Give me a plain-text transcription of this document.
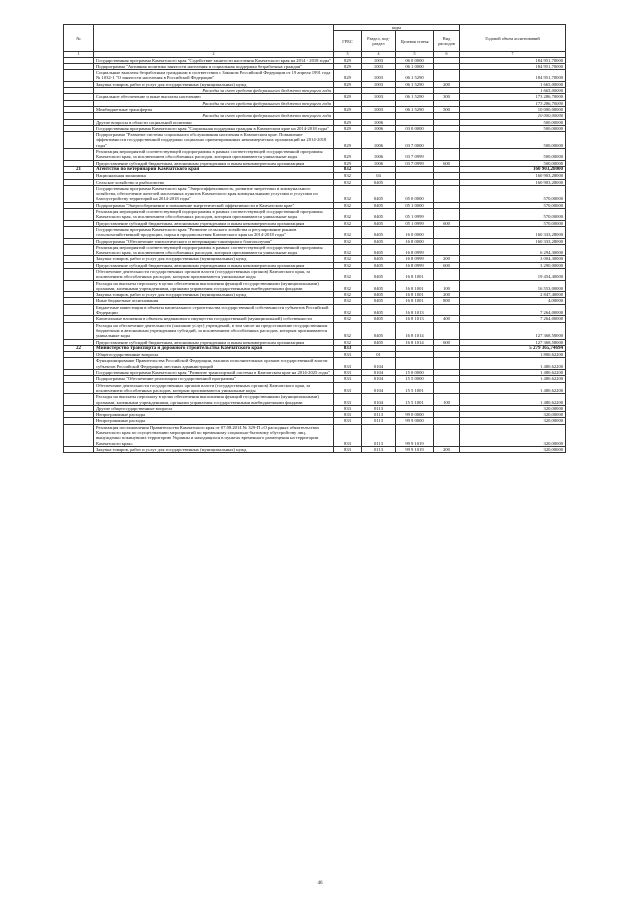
№		коды				Годовой объем ассигнований
		ГРБС	Раздел, под-раздел	Целевая статья	Вид расходов	
1	2	3	4	5	6	7
	Государственная программа Камчатского края "Содействие занятости населения Камчатского края на 2014 - 2018 годы"	829	1003	06 0 0000		184 951,70000
	Подпрограмма "Активная политика занятости населения и социальная поддержка безработных граждан"	829	1003	06 1 0000		184 951,70000
	Социальные выплаты безработным гражданам в соответствии с Законом Российской Федерации от 19 апреля 1991 года № 1032-1 "О занятости населения в Российской Федерации"	829	1003	06 1 5290		184 951,70000
	Закупка товаров, работ и услуг для государственных (муниципальных) нужд	829	1003	06 1 5290	200	1 665,00000
	Расходы за счет средств федерального бюджета текущего года					1 665,00000
	Социальное обеспечение и иные выплаты населению	829	1003	06 1 5290	300	173 286,70000
	Расходы за счет средств федерального бюджета текущего года					173 286,70000
	Межбюджетные трансферты	829	1003	06 1 5290	500	10 000,00000
	Расходы за счет средств федерального бюджета текущего года					10 000,00000
	Другие вопросы в области социальной политики	829	1006			500,00000
	Государственная программа Камчатского края "Социальная поддержка граждан в Камчатском крае на 2014-2018 годы"	829	1006	03 0 0000		500,00000
	Подпрограмма "Развитие системы социального обслуживания населения в Камчатском крае. Повышение эффективности государственной поддержки социально ориентированных некоммерческих организаций на 2014-2018 годы"	829	1006	03 7 0000		500,00000
	Реализация мероприятий соответствующей подпрограммы в рамках соответствующей государственной программы Камчатского края, за исключением обособленных расходов, которым присваиваются уникальные коды	829	1006	03 7 0999		500,00000
	Предоставление субсидий бюджетным, автономным учреждениям и иным некоммерческим организациям	829	1006	03 7 0999	600	500,00000
21	Агентство по ветеринарии Камчатского края	832				160 903,28000
	Национальная экономика	832	04			160 903,28000
	Сельское хозяйство и рыболовство	832	0405			160 903,28000
	Государственная программа Камчатского края "Энергоэффективность, развитие энергетики и коммунального хозяйства, обеспечение жителей населенных пунктов Камчатского края коммунальными услугами и услугами по благоустройству территорий на 2014-2018 годы"	832	0405	05 0 0000		570,00000
	Подпрограмма "Энергосбережение и повышение энергетической эффективности в Камчатском крае"	832	0405	05 1 0000		570,00000
	Реализация мероприятий соответствующей подпрограммы в рамках соответствующей государственной программы Камчатского края, за исключением обособленных расходов, которым присваиваются уникальные коды	832	0405	05 1 0999		570,00000
	Предоставление субсидий бюджетным, автономным учреждениям и иным некоммерческим организациям	832	0405	05 1 0999	600	570,00000
	Государственная программа Камчатского края "Развитие сельского хозяйства и регулирование рынков сельскохозяйственной продукции, сырья и продовольствия Камчатского края на 2014-2018 годы"	832	0405	16 0 0000		160 333,28000
	Подпрограмма "Обеспечение эпизоотического и ветеринарно-санитарного благополучия"	832	0405	16 8 0000		160 333,28000
	Реализация мероприятий соответствующей подпрограммы в рамках соответствующей государственной программы Камчатского края, за исключением обособленных расходов, которым присваиваются уникальные коды	832	0405	16 8 0999		6 294,30000
	Закупка товаров, работ и услуг для государственных (муниципальных) нужд	832	0405	16 8 0999	200	3 004,30000
	Предоставление субсидий бюджетным, автономным учреждениям и иным некоммерческим организациям	832	0405	16 8 0999	600	3 290,00000
	Обеспечение деятельности государственных органов власти (государственных органов) Камчатского края, за исключением обособленных расходов, которым присваиваются уникальные коды	832	0405	16 8 1001		19 454,40000
	Расходы на выплаты персоналу в целях обеспечения выполнения функций государственными (муниципальными) органами, казенными учреждениями, органами управления государственными внебюджетными фондами	832	0405	16 8 1001	100	16 553,00000
	Закупка товаров, работ и услуг для государственных (муниципальных) нужд	832	0405	16 8 1001	200	2 847,40000
	Иные бюджетные ассигнования	832	0405	16 8 1001	800	4,00000
	Бюджетные инвестиции в объекты капитального строительства государственной собственности субъектов Российской Федерации	832	0405	16 8 1013		7 264,00000
	Капитальные вложения в объекты недвижимого имущества государственной (муниципальной) собственности	832	0405	16 8 1013	400	7 264,00000
	Расходы на обеспечение деятельности (оказание услуг) учреждений, в том числе на предоставление государственным бюджетным и автономным учреждениям субсидий, за исключением обособленных расходов, которым присваиваются уникальные коды	832	0405	16 8 1014		127 368,58000
	Предоставление субсидий бюджетным, автономным учреждениям и иным некоммерческим организациям	832	0405	16 8 1014	600	127 368,58000
22	Министерство транспорта и дорожного строительства Камчатского края	833				5 279 365,74694
	Общегосударственные вопросы	833	01			1 800,62200
	Функционирование Правительства Российской Федерации, высших исполнительных органов государственной власти субъектов Российской Федерации, местных администраций	833	0104			1 480,62200
	Государственная программа Камчатского края "Развитие транспортной системы в Камчатском крае на 2014-2025 годы"	833	0104	15 0 0000		1 480,62200
	Подпрограмма "Обеспечение реализации государственной программы"	833	0104	15 5 0000		1 480,62200
	Обеспечение деятельности государственных органов власти (государственных органов) Камчатского края, за исключением обособленных расходов, которым присваиваются уникальные коды	833	0104	15 5 1001		1 480,62200
	Расходы на выплаты персоналу в целях обеспечения выполнения функций государственными (муниципальными) органами, казенными учреждениями, органами управления государственными внебюджетными фондами	833	0104	15 5 1001	100	1 480,62200
	Другие общегосударственные вопросы	833	0113			320,00000
	Непрограммные расходы	833	0113	99 0 0000		320,00000
	Непрограммные расходы	833	0113	99 9 0000		320,00000
	Реализация постановления Правительства Камчатского края от 07.08.2014 № 329-П «О расходных обязательствах Камчатского края по осуществлению мероприятий по временному социально-бытовому обустройству лиц, вынужденно покинувших территорию Украины и находящихся в пунктах временного размещения на территории Камчатского края»	833	0113	99 9 1019		320,00000
	Закупка товаров, работ и услуг для государственных (муниципальных) нужд	833	0113	99 9 1019	200	320,00000
46
